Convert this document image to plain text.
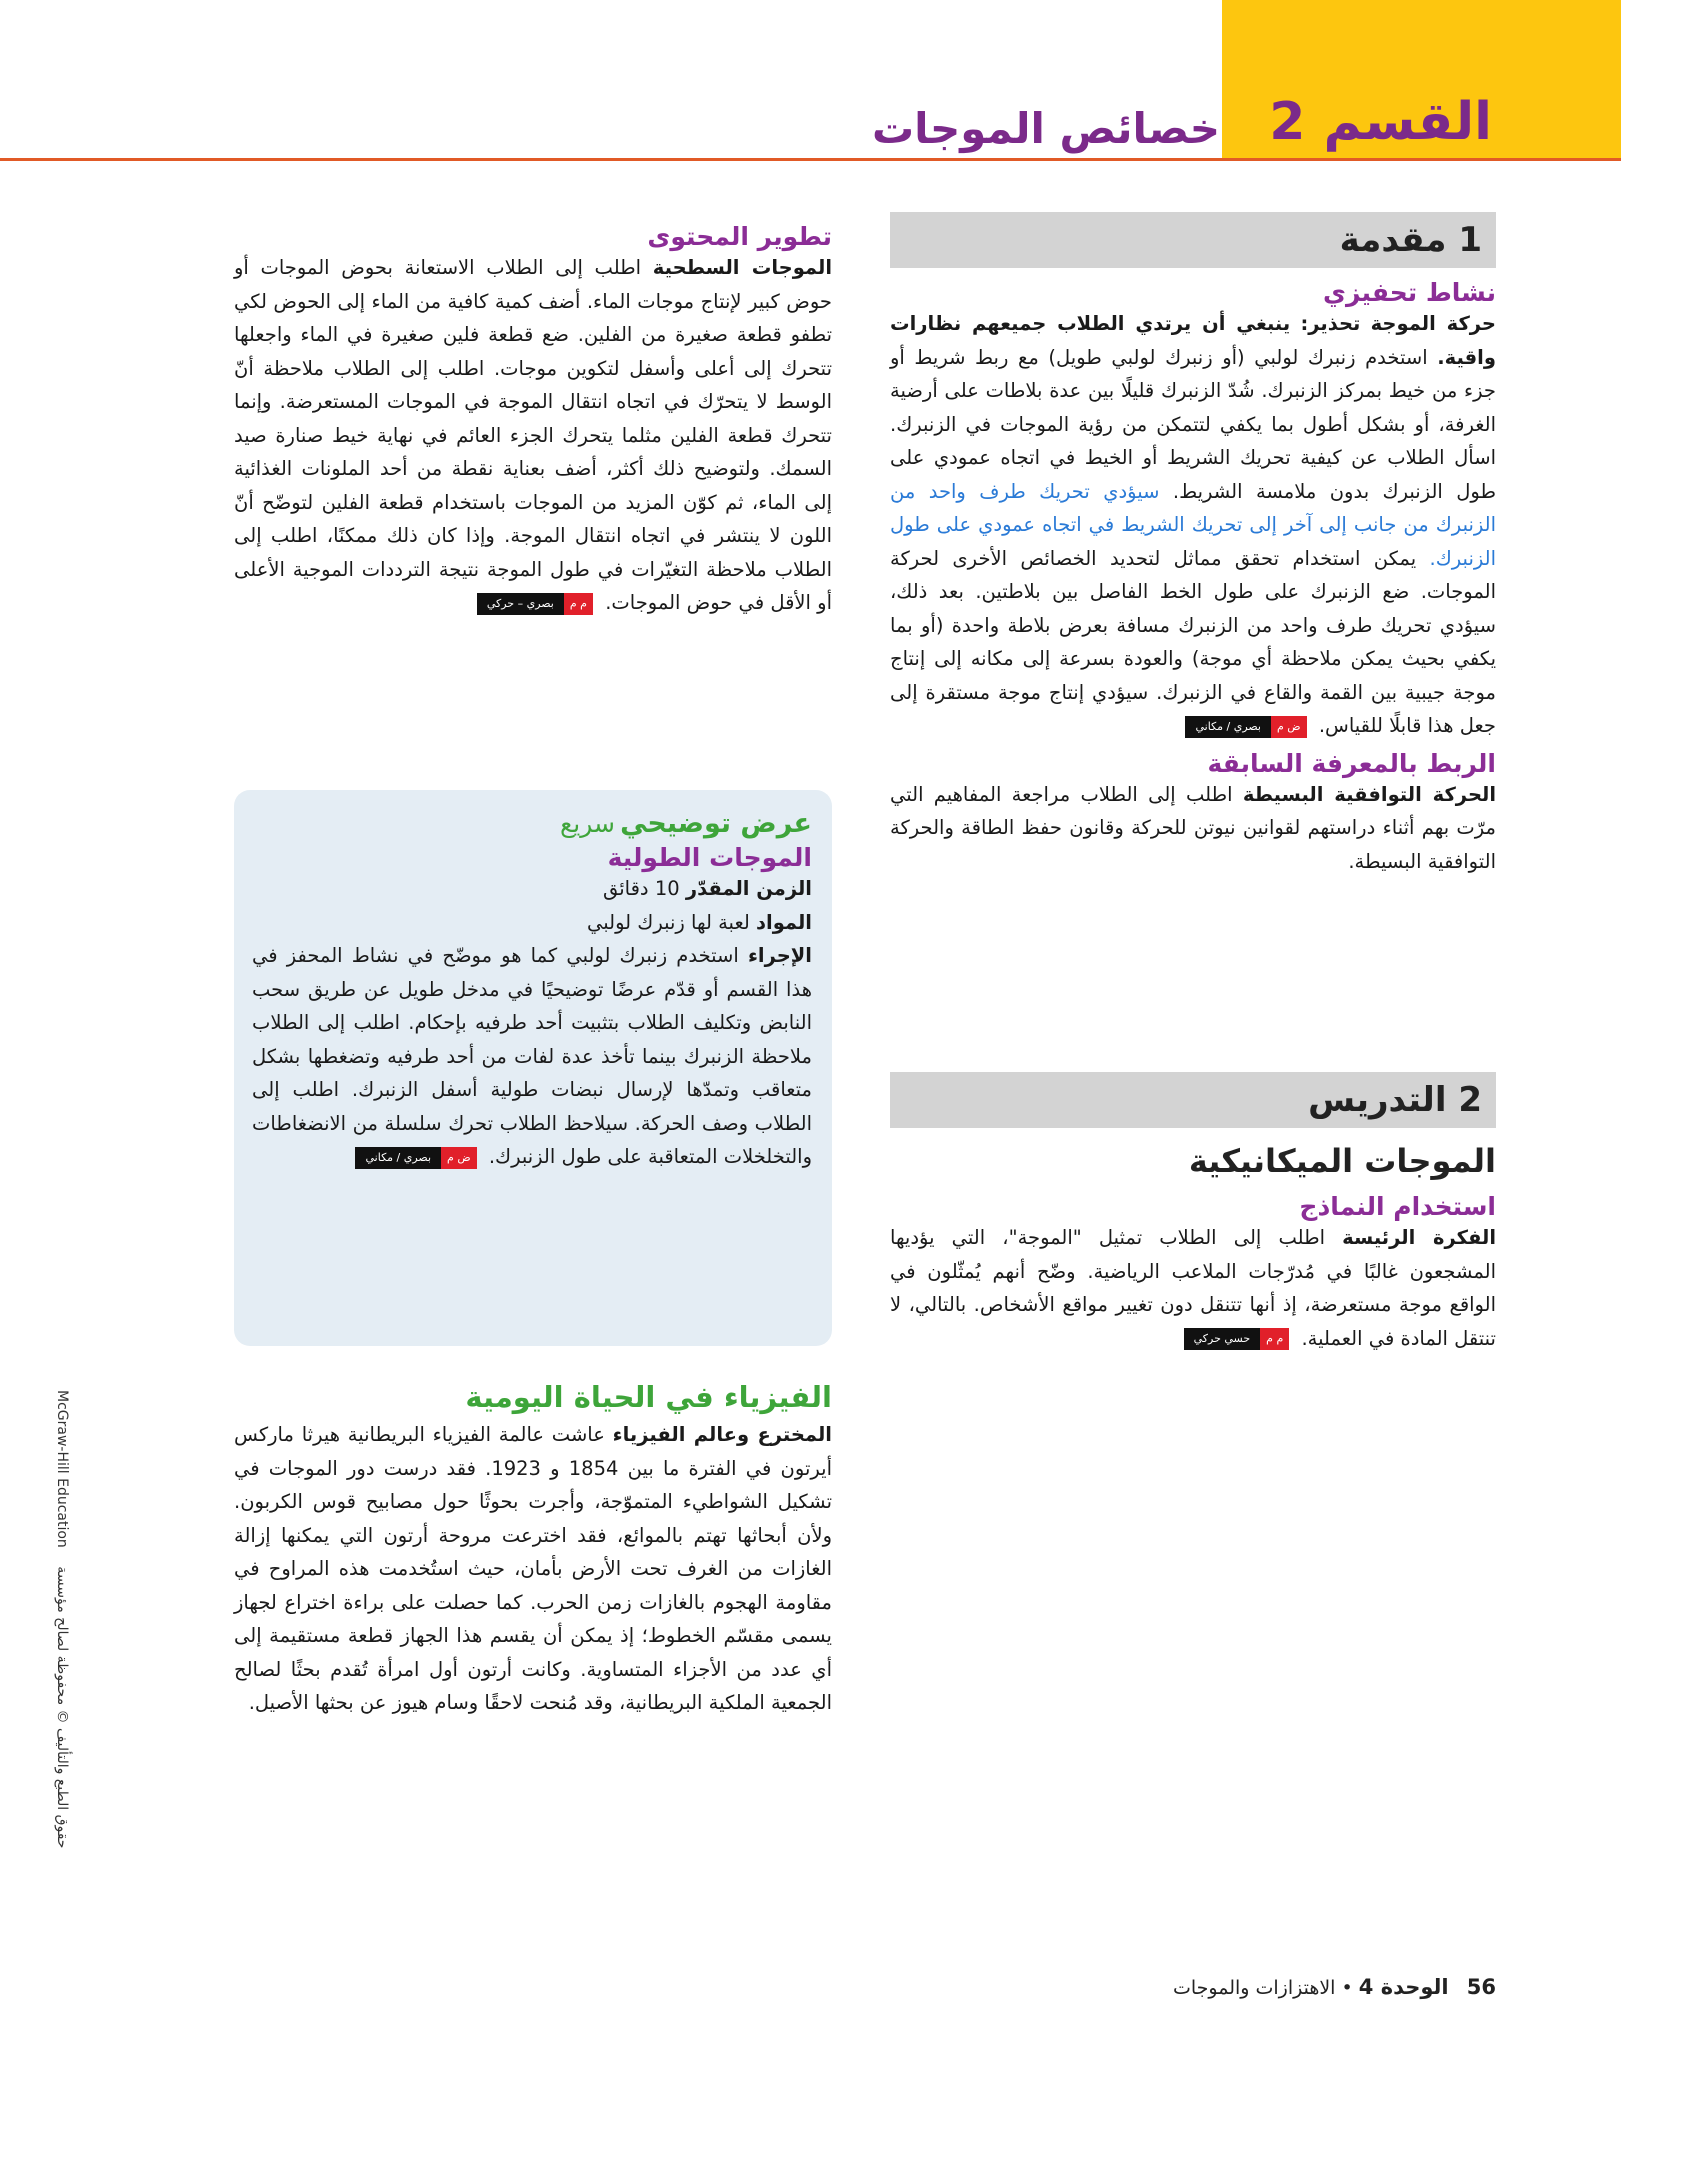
القسم 2
خصائص الموجات
1 مقدمة
نشاط تحفيزي
حركة الموجة تحذير: ينبغي أن يرتدي الطلاب جميعهم نظارات واقية. استخدم زنبرك لولبي (أو زنبرك لولبي طويل) مع ربط شريط أو جزء من خيط بمركز الزنبرك. شُدّ الزنبرك قليلًا بين عدة بلاطات على أرضية الغرفة، أو بشكل أطول بما يكفي لتتمكن من رؤية الموجات في الزنبرك. اسأل الطلاب عن كيفية تحريك الشريط أو الخيط في اتجاه عمودي على طول الزنبرك بدون ملامسة الشريط. سيؤدي تحريك طرف واحد من الزنبرك من جانب إلى آخر إلى تحريك الشريط في اتجاه عمودي على طول الزنبرك. يمكن استخدام تحقق مماثل لتحديد الخصائص الأخرى لحركة الموجات. ضع الزنبرك على طول الخط الفاصل بين بلاطتين. بعد ذلك، سيؤدي تحريك طرف واحد من الزنبرك مسافة بعرض بلاطة واحدة (أو بما يكفي بحيث يمكن ملاحظة أي موجة) والعودة بسرعة إلى مكانه إلى إنتاج موجة جيبية بين القمة والقاع في الزنبرك. سيؤدي إنتاج موجة مستقرة إلى جعل هذا قابلًا للقياس.
بصري / مكاني	ض م
الربط بالمعرفة السابقة
الحركة التوافقية البسيطة اطلب إلى الطلاب مراجعة المفاهيم التي مرّت بهم أثناء دراستهم لقوانين نيوتن للحركة وقانون حفظ الطاقة والحركة التوافقية البسيطة.
2 التدريس
الموجات الميكانيكية
استخدام النماذج
الفكرة الرئيسة اطلب إلى الطلاب تمثيل "الموجة"، التي يؤديها المشجعون غالبًا في مُدرّجات الملاعب الرياضية. وضّح أنهم يُمثّلون في الواقع موجة مستعرضة، إذ أنها تتنقل دون تغيير مواقع الأشخاص. بالتالي، لا تنتقل المادة في العملية.
حسي حركي	م م
تطوير المحتوى
الموجات السطحية اطلب إلى الطلاب الاستعانة بحوض الموجات أو حوض كبير لإنتاج موجات الماء. أضف كمية كافية من الماء إلى الحوض لكي تطفو قطعة صغيرة من الفلين. ضع قطعة فلين صغيرة في الماء واجعلها تتحرك إلى أعلى وأسفل لتكوين موجات. اطلب إلى الطلاب ملاحظة أنّ الوسط لا يتحرّك في اتجاه انتقال الموجة في الموجات المستعرضة. وإنما تتحرك قطعة الفلين مثلما يتحرك الجزء العائم في نهاية خيط صنارة صيد السمك. ولتوضيح ذلك أكثر، أضف بعناية نقطة من أحد الملونات الغذائية إلى الماء، ثم كوّن المزيد من الموجات باستخدام قطعة الفلين لتوضّح أنّ اللون لا ينتشر في اتجاه انتقال الموجة. وإذا كان ذلك ممكنًا، اطلب إلى الطلاب ملاحظة التغيّرات في طول الموجة نتيجة الترددات الموجية الأعلى أو الأقل في حوض الموجات.
بصري – حركي	م م
عرض توضيحي سريع
الموجات الطولية
الزمن المقدّر 10 دقائق
المواد لعبة لها زنبرك لولبي
الإجراء استخدم زنبرك لولبي كما هو موضّح في نشاط المحفز في هذا القسم أو قدّم عرضًا توضيحيًا في مدخل طويل عن طريق سحب النابض وتكليف الطلاب بتثبيت أحد طرفيه بإحكام. اطلب إلى الطلاب ملاحظة الزنبرك بينما تأخذ عدة لفات من أحد طرفيه وتضغطها بشكل متعاقب وتمدّها لإرسال نبضات طولية أسفل الزنبرك. اطلب إلى الطلاب وصف الحركة. سيلاحظ الطلاب تحرك سلسلة من الانضغاطات والتخلخلات المتعاقبة على طول الزنبرك.
بصري / مكاني	ض م
الفيزياء في الحياة اليومية
المخترع وعالم الفيزياء عاشت عالمة الفيزياء البريطانية هيرثا ماركس أيرتون في الفترة ما بين 1854 و 1923. فقد درست دور الموجات في تشكيل الشواطيء المتموّجة، وأجرت بحوثًا حول مصابيح قوس الكربون. ولأن أبحاثها تهتم بالموائع، فقد اخترعت مروحة أرتون التي يمكنها إزالة الغازات من الغرف تحت الأرض بأمان، حيث استُخدمت هذه المراوح في مقاومة الهجوم بالغازات زمن الحرب. كما حصلت على براءة اختراع لجهاز يسمى مقسّم الخطوط؛ إذ يمكن أن يقسم هذا الجهاز قطعة مستقيمة إلى أي عدد من الأجزاء المتساوية. وكانت أرتون أول امرأة تُقدم بحثًا لصالح الجمعية الملكية البريطانية، وقد مُنحت لاحقًا وسام هيوز عن بحثها الأصيل.
McGraw-Hill Education حقوق الطبع والتأليف © محفوظة لصالح مؤسسة
56   الوحدة 4 • الاهتزازات والموجات
